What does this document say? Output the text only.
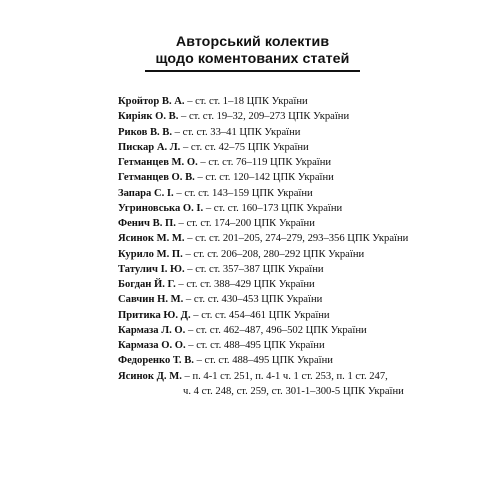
Авторський колектив
щодо коментованих статей
Кройтор В. А. – ст. ст. 1–18 ЦПК України
Киріяк О. В. – ст. ст. 19–32, 209–273 ЦПК України
Риков В. В. – ст. ст. 33–41 ЦПК України
Пискар А. Л. – ст. ст. 42–75 ЦПК України
Гетманцев М. О. – ст. ст. 76–119 ЦПК України
Гетманцев О. В. – ст. ст. 120–142 ЦПК України
Запара С. І. – ст. ст. 143–159 ЦПК України
Угриновська О. І. – ст. ст. 160–173 ЦПК України
Фенич В. П. – ст. ст. 174–200 ЦПК України
Ясинок М. М. – ст. ст. 201–205, 274–279, 293–356 ЦПК України
Курило М. П. – ст. ст. 206–208, 280–292 ЦПК України
Татулич І. Ю. – ст. ст. 357–387 ЦПК України
Богдан Й. Г. – ст. ст. 388–429 ЦПК України
Савчин Н. М. – ст. ст. 430–453 ЦПК України
Притика Ю. Д. – ст. ст. 454–461 ЦПК України
Кармаза Л. О. – ст. ст. 462–487, 496–502 ЦПК України
Кармаза О. О. – ст. ст. 488–495 ЦПК України
Федоренко Т. В. – ст. ст. 488–495 ЦПК України
Ясинок Д. М. – п. 4-1 ст. 251, п. 4-1 ч. 1 ст. 253, п. 1 ст. 247,
ч. 4 ст. 248, ст. 259, ст. 301-1–300-5 ЦПК України
